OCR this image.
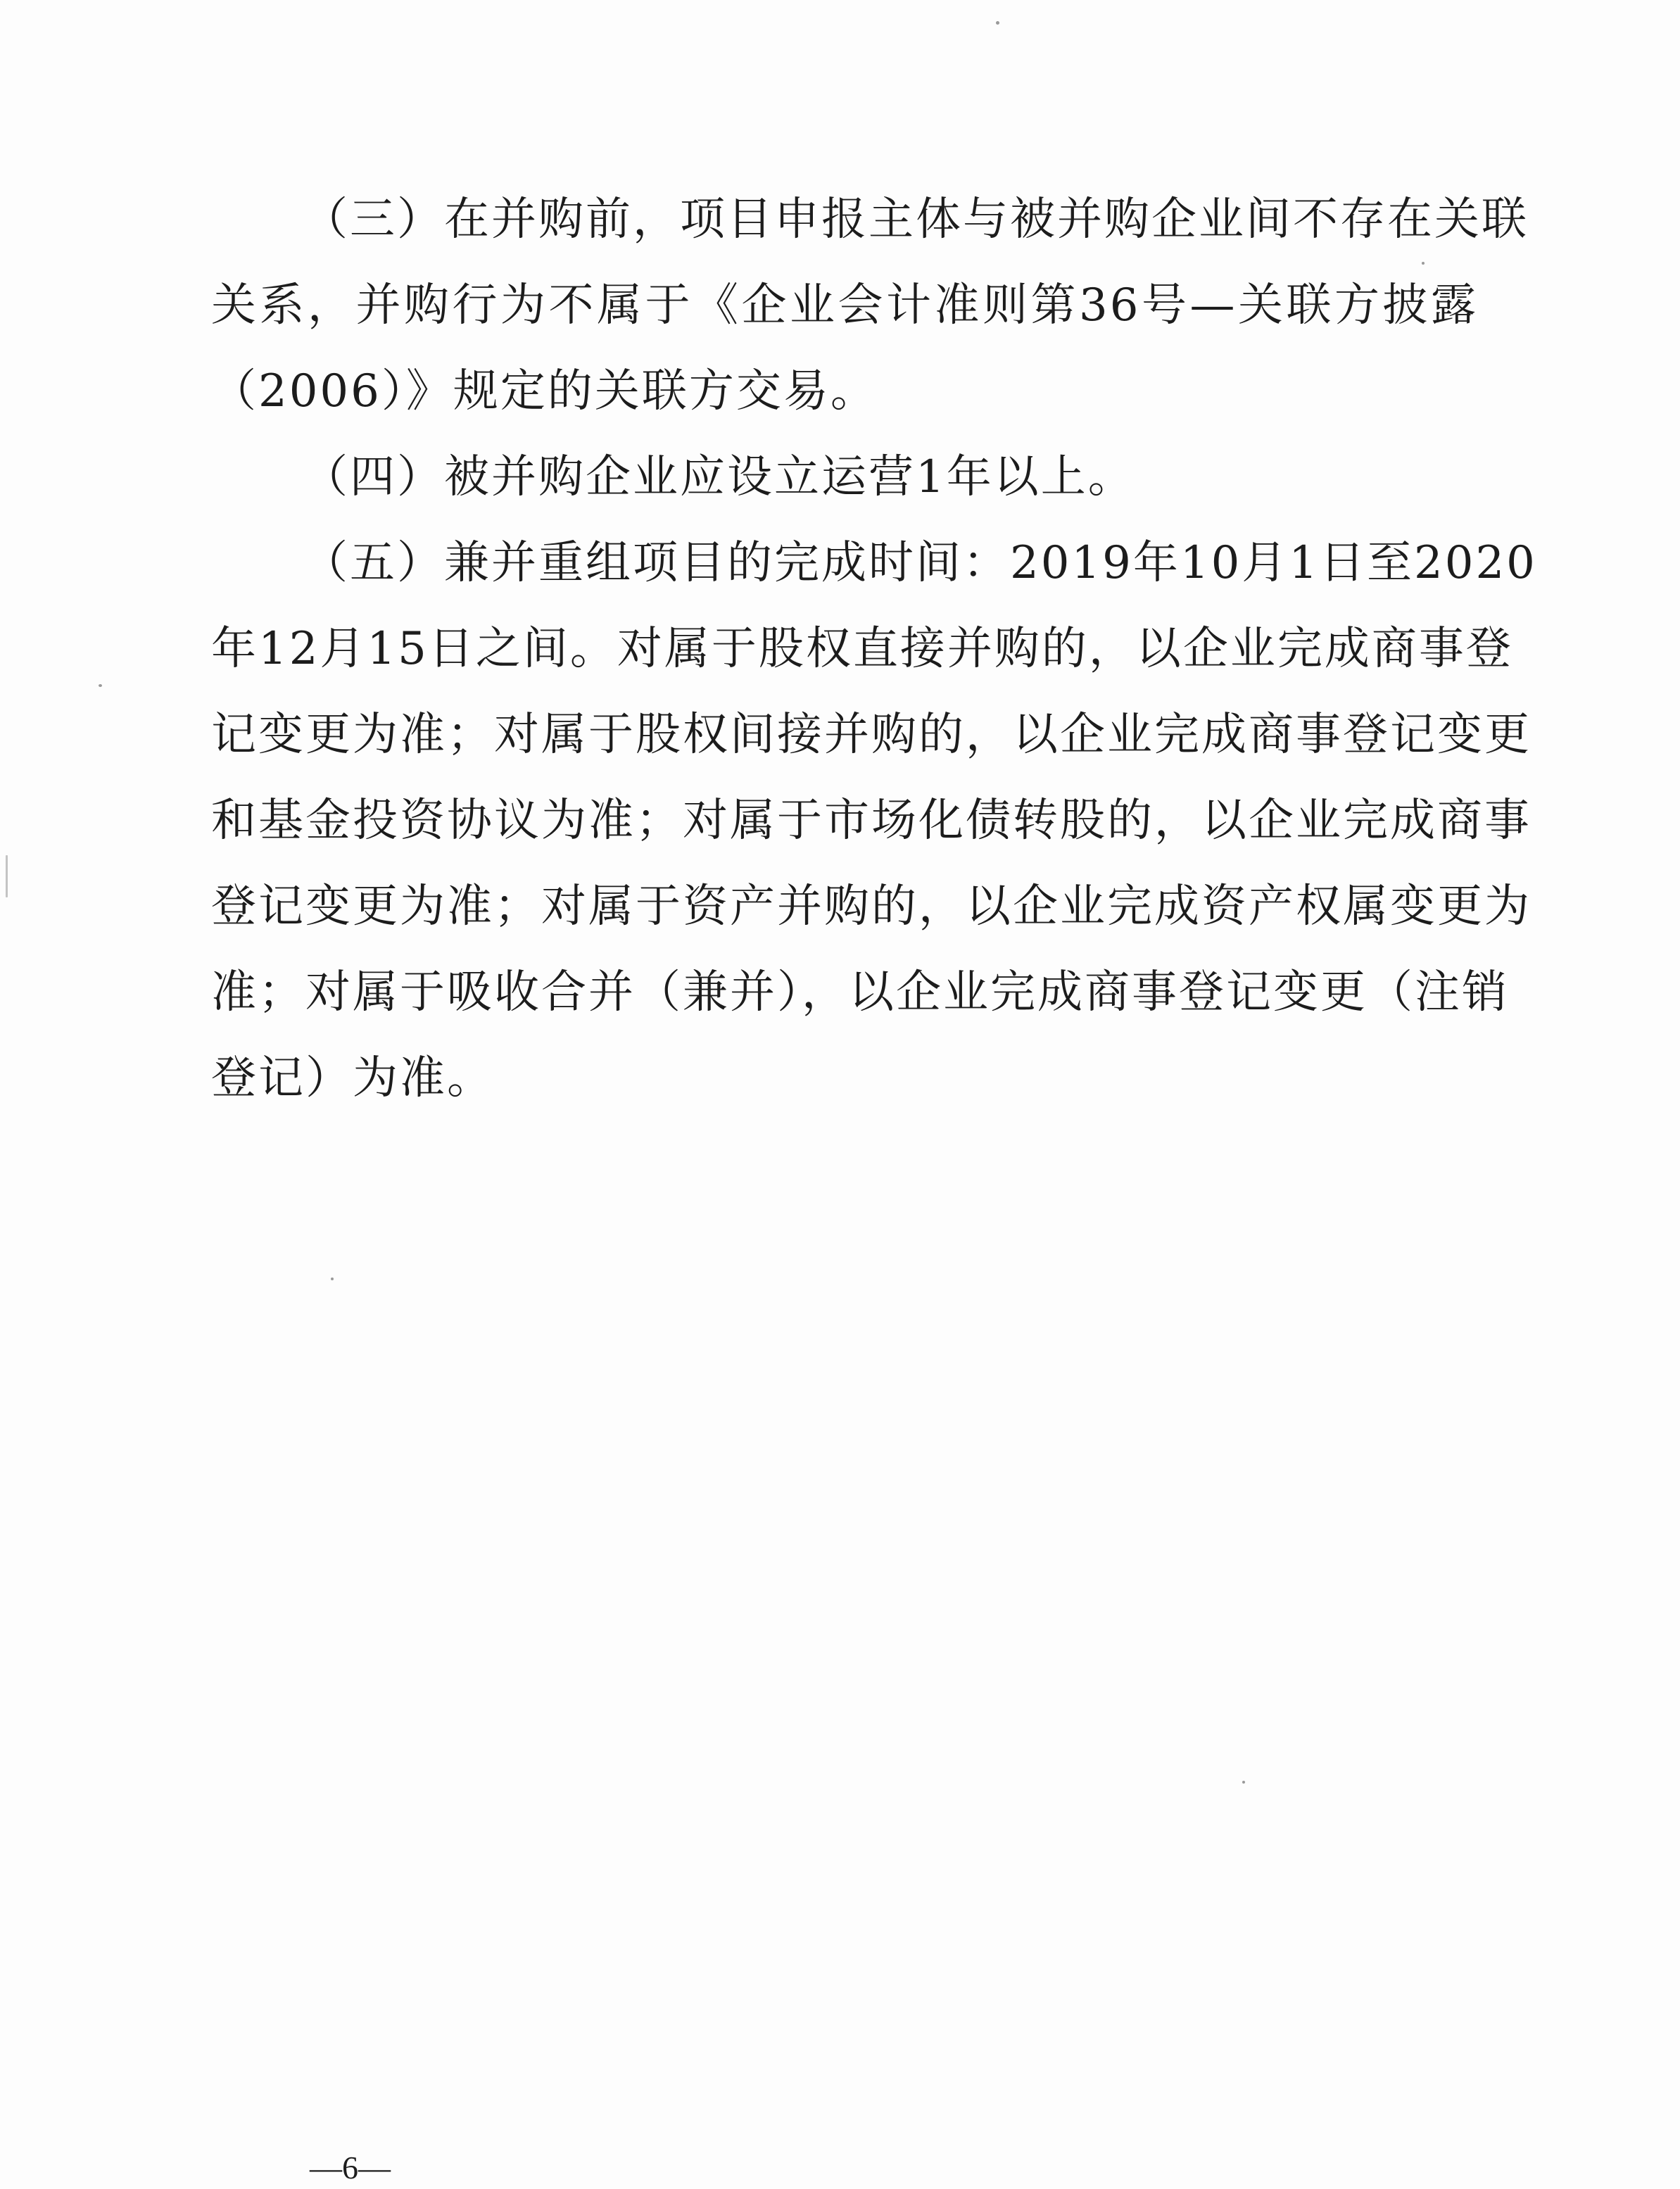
（三）在并购前，项目申报主体与被并购企业间不存在关联
关系，并购行为不属于《企业会计准则第36号—关联方披露
（2006）》规定的关联方交易。
（四）被并购企业应设立运营1年以上。
（五）兼并重组项目的完成时间：2019年10月1日至2020
年12月15日之间。对属于股权直接并购的，以企业完成商事登
记变更为准；对属于股权间接并购的，以企业完成商事登记变更
和基金投资协议为准；对属于市场化债转股的，以企业完成商事
登记变更为准；对属于资产并购的，以企业完成资产权属变更为
准；对属于吸收合并（兼并），以企业完成商事登记变更（注销
登记）为准。
—6—
